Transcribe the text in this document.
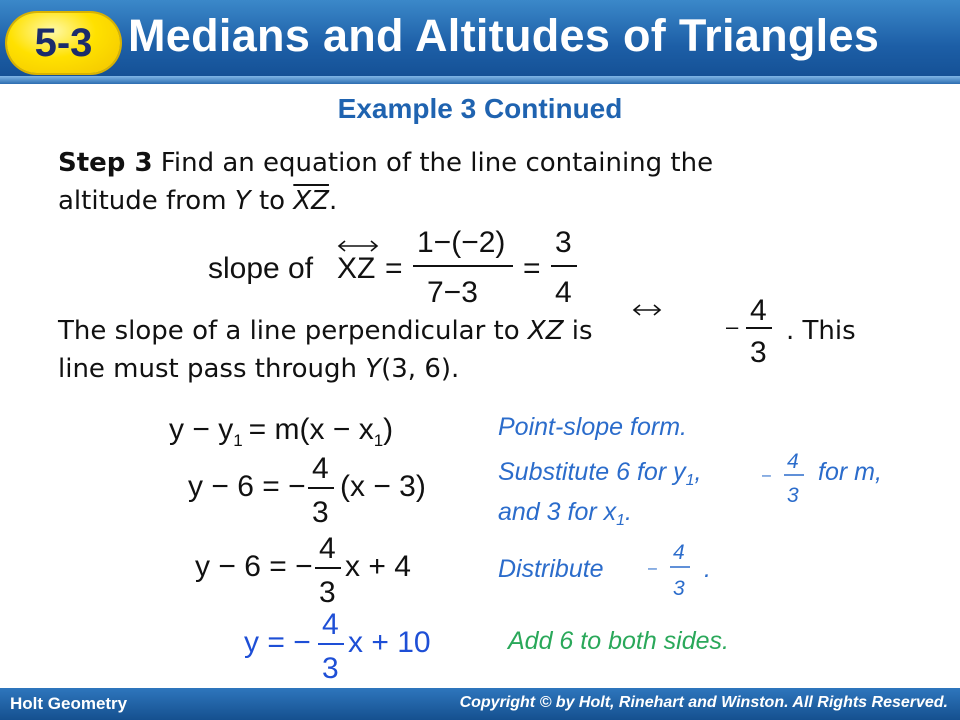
5-3 Medians and Altitudes of Triangles
Example 3 Continued
Step 3 Find an equation of the line containing the
altitude from Y to $\overline{XZ}$.
slope of XZ =
1−(−2)
7−3
=
3
4
The slope of a line perpendicular to XZ is	– 4
3
. This
line must pass through Y(3, 6).
$y - y_1 = m(x - x_1)$
y − 6 = −
4
3
(x − 3)
y − 6 = −
4
3
x + 4
y = −
4
3
x + 10
Point-slope form.
Substitute 6 for $y_1$,	–
4
3
for m,
and 3 for $x_1$.
Distribute	–
4
3
.
Add 6 to both sides.
Holt Geometry	Copyright © by Holt, Rinehart and Winston. All Rights Reserved.
